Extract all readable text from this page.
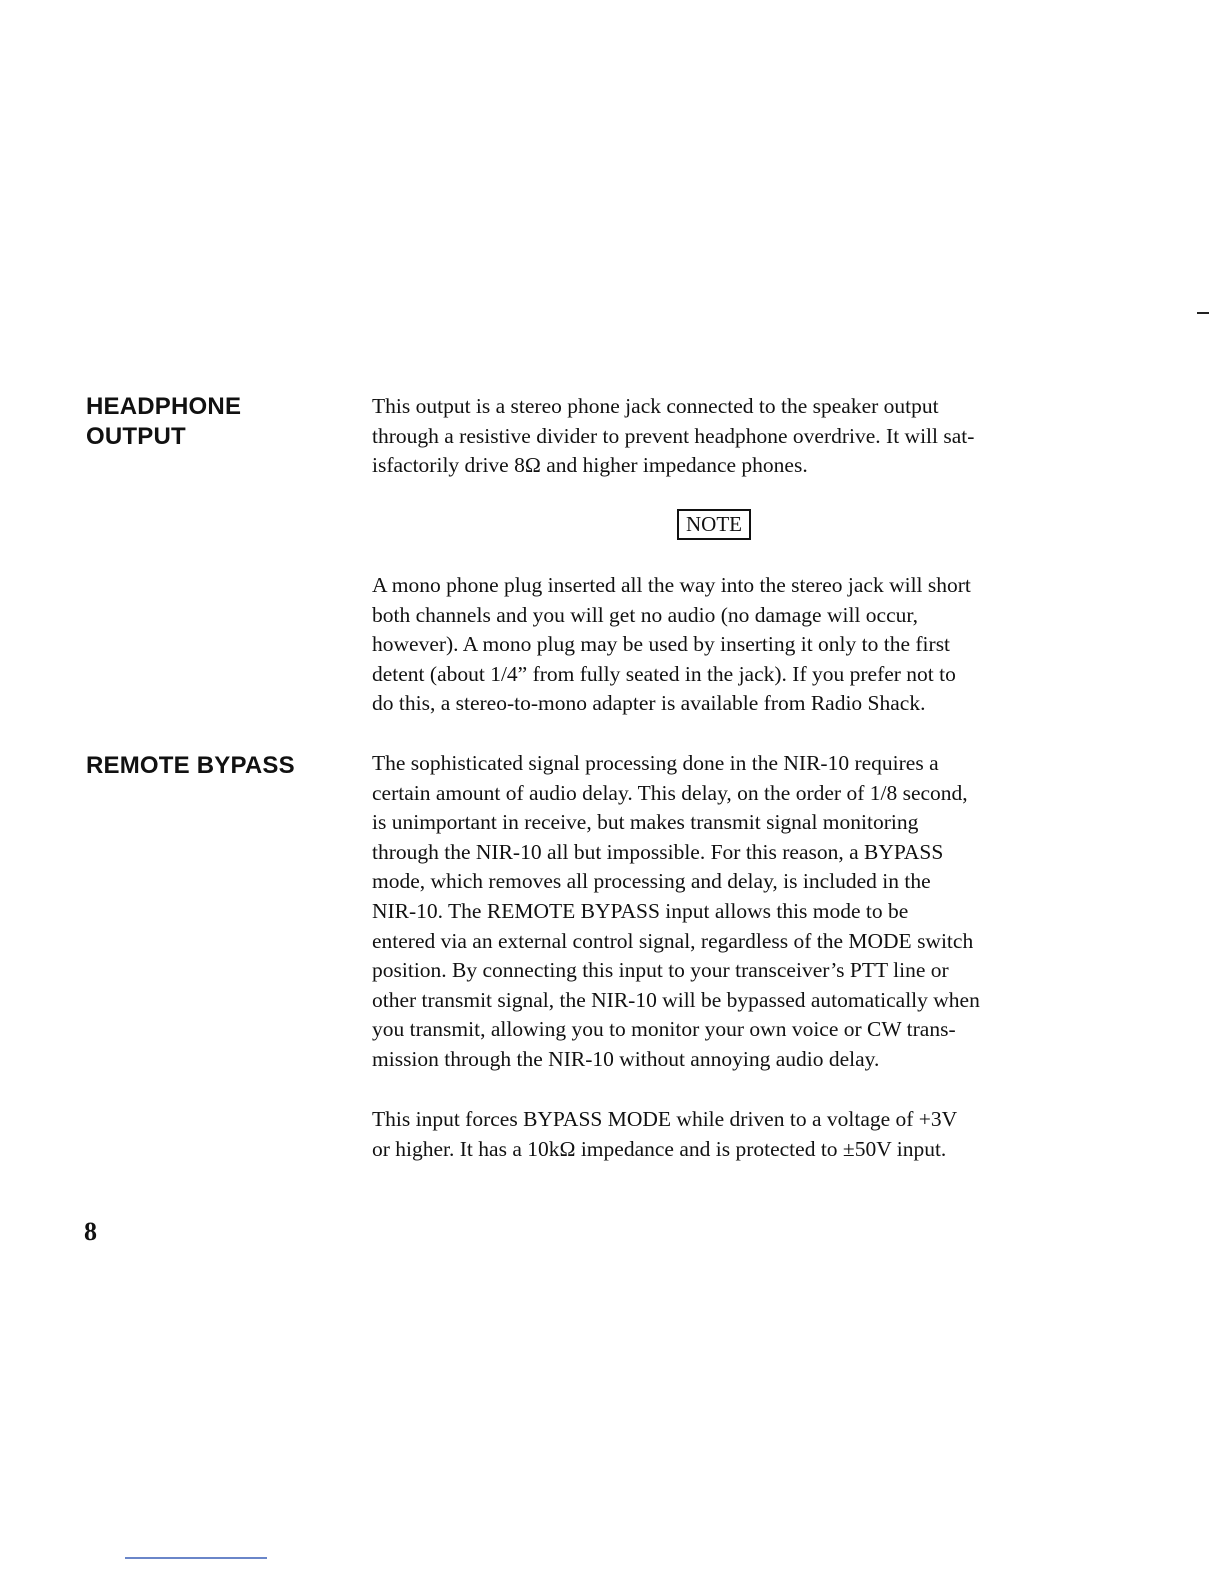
HEADPHONE
OUTPUT
This output is a stereo phone jack connected to the speaker output
through a resistive divider to prevent headphone overdrive. It will sat-
isfactorily drive 8Ω and higher impedance phones.
NOTE
A mono phone plug inserted all the way into the stereo jack will short
both channels and you will get no audio (no damage will occur,
however). A mono plug may be used by inserting it only to the first
detent (about 1/4” from fully seated in the jack). If you prefer not to
do this, a stereo-to-mono adapter is available from Radio Shack.
REMOTE BYPASS	The sophisticated signal processing done in the NIR-10 requires a
certain amount of audio delay. This delay, on the order of 1/8 second,
is unimportant in receive, but makes transmit signal monitoring
through the NIR-10 all but impossible. For this reason, a BYPASS
mode, which removes all processing and delay, is included in the
NIR-10. The REMOTE BYPASS input allows this mode to be
entered via an external control signal, regardless of the MODE switch
position. By connecting this input to your transceiver’s PTT line or
other transmit signal, the NIR-10 will be bypassed automatically when
you transmit, allowing you to monitor your own voice or CW trans-
mission through the NIR-10 without annoying audio delay.
This input forces BYPASS MODE while driven to a voltage of +3V
or higher. It has a 10kΩ impedance and is protected to ±50V input.
8
